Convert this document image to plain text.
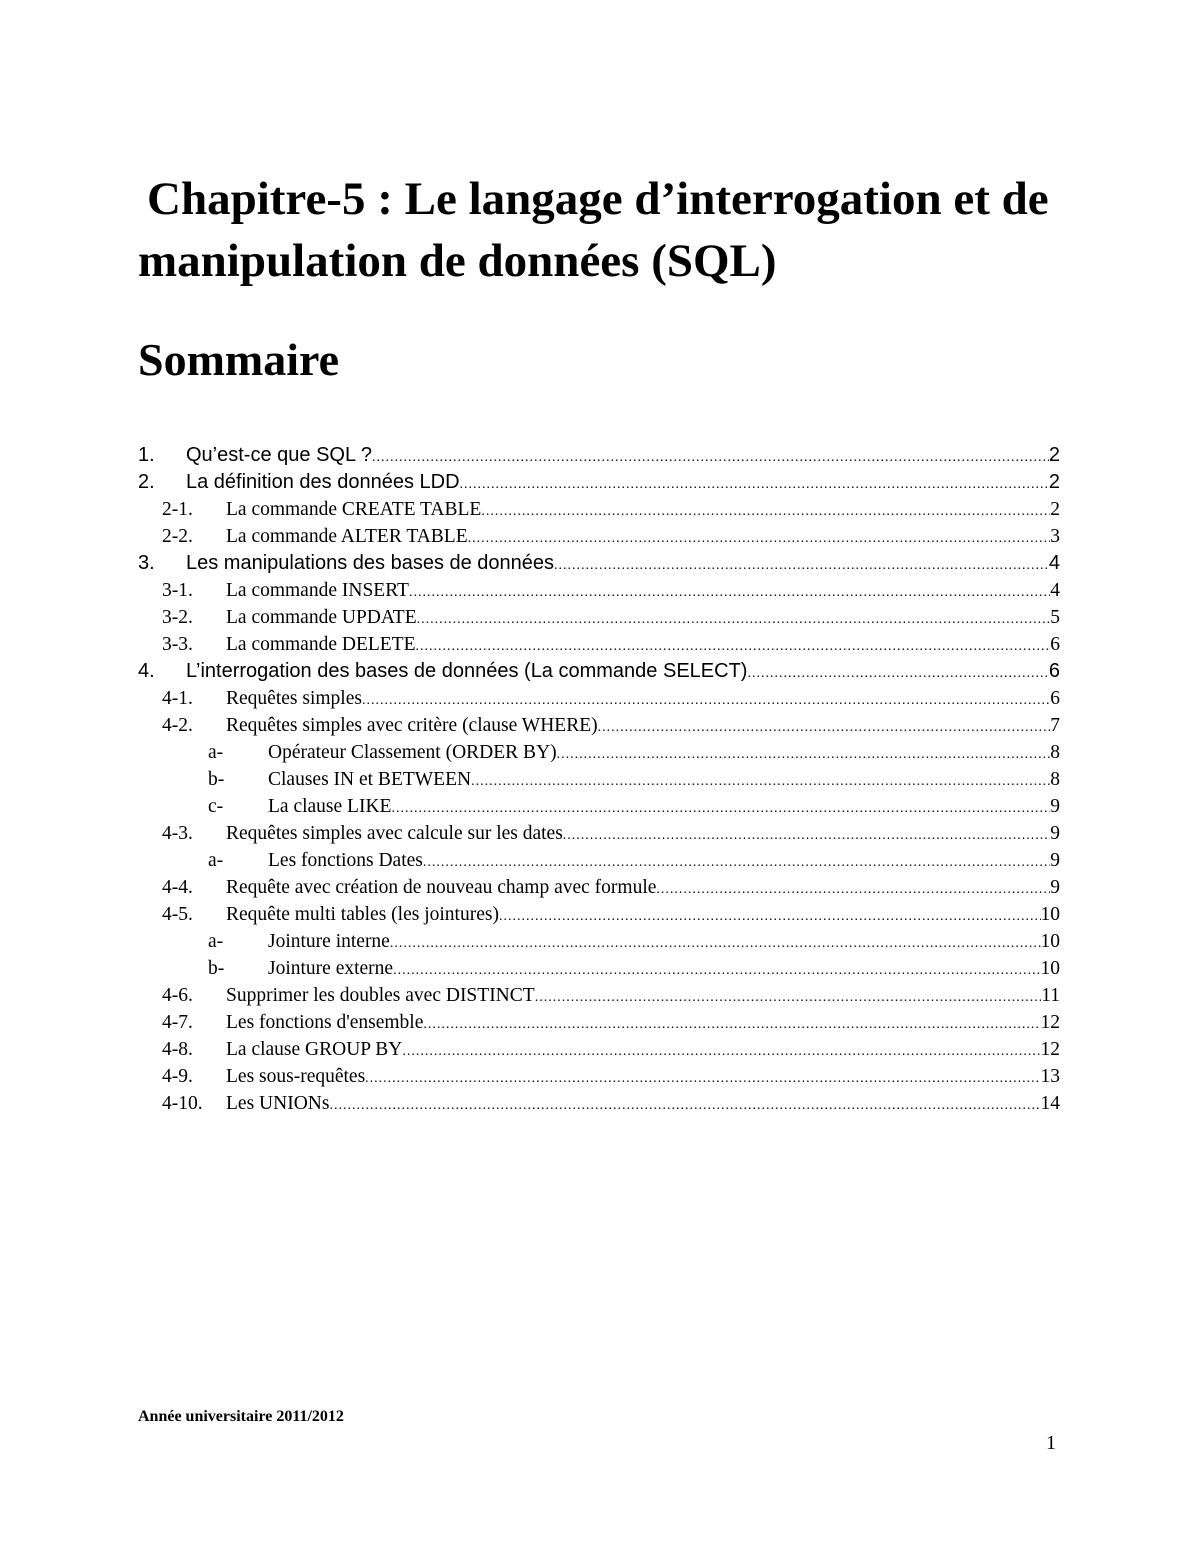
Chapitre-5 : Le langage d’interrogation et de
manipulation de données (SQL)
Sommaire
1.	Qu’est-ce que SQL ? .....	2
2.	La définition des données LDD .....	2
2-1.	La commande CREATE TABLE .....	2
2-2.	La commande ALTER TABLE .....	3
3.	Les manipulations des bases de données .....	4
3-1.	La commande INSERT .....	4
3-2.	La commande UPDATE .....	5
3-3.	La commande DELETE .....	6
4.	L’interrogation des bases de données (La commande SELECT) .....	6
4-1.	Requêtes simples .....	6
4-2.	Requêtes simples avec critère (clause WHERE) .....	7
a-	Opérateur Classement (ORDER BY) .....	8
b-	Clauses IN et BETWEEN .....	8
c-	La clause LIKE .....	9
4-3.	Requêtes simples avec calcule sur les dates .....	9
a-	Les fonctions Dates .....	9
4-4.	Requête avec création de nouveau champ avec formule .....	9
4-5.	Requête multi tables (les jointures) .....	10
a-	Jointure interne .....	10
b-	Jointure externe .....	10
4-6.	Supprimer les doubles avec DISTINCT .....	11
4-7.	Les fonctions d'ensemble .....	12
4-8.	La clause GROUP BY .....	12
4-9.	Les sous-requêtes .....	13
4-10.	Les UNIONs .....	14
Année universitaire 2011/2012
1
